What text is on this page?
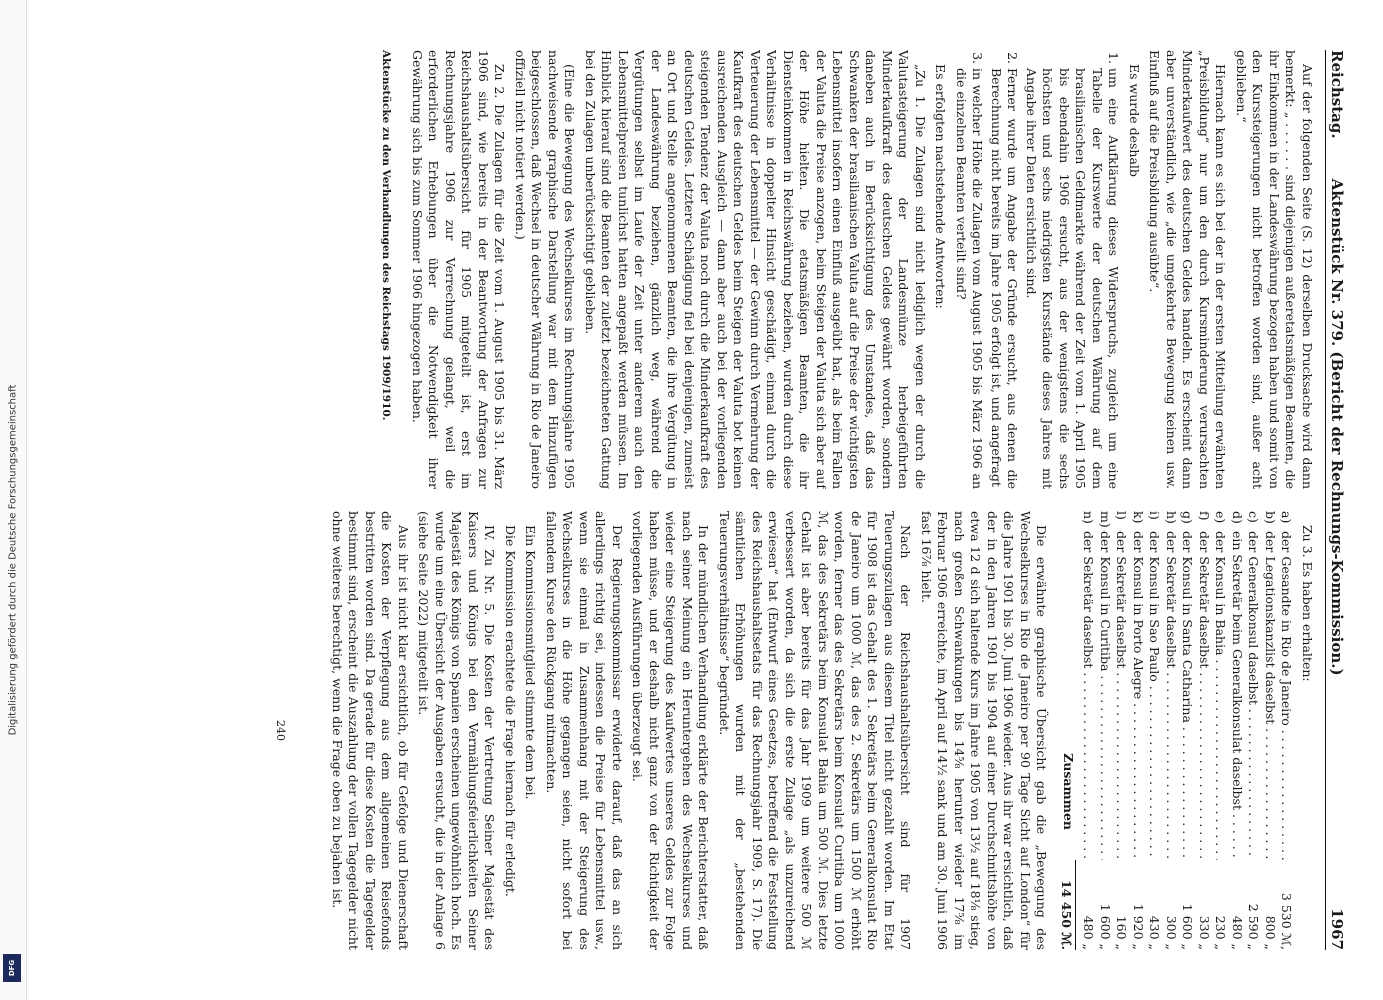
Digitalisierung gefördert durch die Deutsche Forschungsgemeinschaft
DFG
Reichstag.
Aktenstück Nr. 379. (Bericht der Rechnungs-Kommission.)
1967

Auf der folgenden Seite (S. 12) derselben Drucksache wird dann bemerkt: „ . . . . . . sind diejenigen außeretatsmäßigen Beamten, die ihr Einkommen in der Landeswährung bezogen haben und somit von den Kurssteigerungen nicht betroffen worden sind, außer acht geblieben.“

Hiernach kann es sich bei der in der ersten Mitteilung erwähnten „Preisbildung“ nur um den durch Kursminderung verursachten Minderkaufwert des deutschen Geldes handeln. Es erscheint dann aber unverständlich, wie „die umgekehrte Bewegung keinen usw. Einfluß auf die Preisbildung ausübte“.

Es wurde deshalb

1. um eine Aufklärung dieses Widerspruchs, zugleich um eine Tabelle der Kurswerte der deutschen Währung auf dem brasilianischen Geldmarkte während der Zeit vom 1. April 1905 bis ebendahin 1906 ersucht, aus der wenigstens die sechs höchsten und sechs niedrigsten Kursstände dieses Jahres mit Angabe ihrer Daten ersichtlich sind.
2. Ferner wurde um Angabe der Gründe ersucht, aus denen die Berechnung nicht bereits im Jahre 1905 erfolgt ist, und angefragt
3. in welcher Höhe die Zulagen vom August 1905 bis März 1906 an die einzelnen Beamten verteilt sind?

Es erfolgten nachstehende Antworten:

„Zu 1. Die Zulagen sind nicht lediglich wegen der durch die Valutasteigerung der Landesmünze herbeigeführten Minderkaufkraft des deutschen Geldes gewährt worden, sondern daneben auch in Berücksichtigung des Umstandes, daß das Schwanken der brasilianischen Valuta auf die Preise der wichtigsten Lebensmittel insofern einen Einfluß ausgeübt hat, als beim Fallen der Valuta die Preise anzogen, beim Steigen der Valuta sich aber auf der Höhe hielten. Die etatsmäßigen Beamten, die ihr Diensteinkommen in Reichswährung beziehen, wurden durch diese Verhältnisse in doppelter Hinsicht geschädigt, einmal durch die Verteuerung der Lebensmittel — der Gewinn durch Vermehrung der Kaufkraft des deutschen Geldes beim Steigen der Valuta bot keinen ausreichenden Ausgleich — dann aber auch bei der vorliegenden steigenden Tendenz der Valuta noch durch die Minderkaufkraft des deutschen Geldes. Letztere Schädigung fiel bei denjenigen, zumeist an Ort und Stelle angenommenen Beamten, die ihre Vergütung in der Landeswährung beziehen, gänzlich weg, während die Vergütungen selbst im Laufe der Zeit unter anderem auch den Lebensmittelpreisen tunlichst hatten angepaßt werden müssen. Im Hinblick hierauf sind die Beamten der zuletzt bezeichneten Gattung bei den Zulagen unberücksichtigt geblieben.

(Eine die Bewegung des Wechselkurses im Rechnungsjahre 1905 nachweisende graphische Darstellung war mit dem Hinzufügen beigeschlossen, daß Wechsel in deutscher Währung in Rio de Janeiro offiziell nicht notiert werden.)

Zu 2. Die Zulagen für die Zeit vom 1. August 1905 bis 31. März 1906 sind, wie bereits in der Beantwortung der Anfragen zur Reichshaushaltsübersicht für 1905 mitgeteilt ist, erst im Rechnungsjahre 1906 zur Verrechnung gelangt, weil die erforderlichen Erhebungen über die Notwendigkeit ihrer Gewährung sich bis zum Sommer 1906 hingezogen haben.

Aktenstücke zu den Verhandlungen des Reichstags 1909/1910.

Zu 3. Es haben erhalten:

a)
der Gesandte in Rio de Janeiro . . .
3 530 ℳ,
b)
der Legationskanzlist daselbst . . .
800 „
c)
der Generalkonsul daselbst . . .
2 590 „
d)
ein Sekretär beim Generalkonsulat daselbst . . .
480 „
e)
der Konsul in Bahia . . .
230 „
f)
der Sekretär daselbst . . .
330 „
g)
der Konsul in Santa Catharina . . .
1 600 „
h)
der Sekretär daselbst . . .
300 „
i)
der Konsul in Sao Paulo . . .
430 „
k)
der Konsul in Porto Alegre . . .
1 920 „
l)
der Sekretär daselbst . . .
160 „
m)
der Konsul in Curitiba . . .
1 600 „
n)
der Sekretär daselbst . . .
480 „
Zusammen
14 450 ℳ.

Die erwähnte graphische Übersicht gab die „Bewegung des Wechselkurses in Rio de Janeiro per 90 Tage Sicht auf London“ für die Jahre 1901 bis 30. Juni 1906 wieder. Aus ihr war ersichtlich, daß der in den Jahren 1901 bis 1904 auf einer Durchschnittshöhe von etwa 12 d sich haltende Kurs im Jahre 1905 von 13½ auf 18⅛ stieg, nach großen Schwankungen bis 14⅝ herunter wieder 17⅝ im Februar 1906 erreichte, im April auf 14½ sank und am 30. Juni 1906 fast 16⅞ hielt.

Nach der Reichshaushaltsübersicht sind für 1907 Teuerungszulagen aus diesem Titel nicht gezahlt worden. Im Etat für 1908 ist das Gehalt des 1. Sekretärs beim Generalkonsulat Rio de Janeiro um 1000 ℳ, das des 2. Sekretärs um 1500 ℳ erhöht worden, ferner das des Sekretärs beim Konsulat Curitiba um 1000 ℳ, das des Sekretärs beim Konsulat Bahia um 500 ℳ. Dies letzte Gehalt ist aber bereits für das Jahr 1909 um weitere 500 ℳ verbessert worden, da sich die erste Zulage „als unzureichend erwiesen“ hat (Entwurf eines Gesetzes, betreffend die Feststellung des Reichshaushaltsetats für das Rechnungsjahr 1909, S. 17). Die sämtlichen Erhöhungen wurden mit der „bestehenden Teuerungsverhältnisse“ begründet.

In der mündlichen Verhandlung erklärte der Berichterstatter, daß nach seiner Meinung ein Heruntergehen des Wechselkurses und wieder eine Steigerung des Kaufwertes unseres Geldes zur Folge haben müsse, und er deshalb nicht ganz von der Richtigkeit der vorliegenden Ausführungen überzeugt sei.

Der Regierungskommissar erwiderte darauf, daß das an sich allerdings richtig sei, indessen die Preise für Lebensmittel usw., wenn sie einmal in Zusammenhang mit der Steigerung des Wechselkurses in die Höhe gegangen seien, nicht sofort bei fallendem Kurse den Rückgang mitmachten.

Ein Kommissionsmitglied stimmte dem bei.

Die Kommission erachtete die Frage hiernach für erledigt.

IV. Zu Nr. 5. Die Kosten der Vertretung Seiner Majestät des Kaisers und Königs bei den Vermählungsfeierlichkeiten Seiner Majestät des Königs von Spanien erscheinen ungewöhnlich hoch. Es wurde um eine Übersicht der Ausgaben ersucht, die in der Anlage 6 (siehe Seite 2022) mitgeteilt ist.

Aus ihr ist nicht klar ersichtlich, ob für Gefolge und Dienerschaft die Kosten der Verpflegung aus dem allgemeinen Reisefonds bestritten worden sind. Da gerade für diese Kosten die Tagegelder bestimmt sind, erscheint die Auszahlung der vollen Tagegelder nicht ohne weiteres berechtigt, wenn die Frage oben zu bejahen ist.

240
